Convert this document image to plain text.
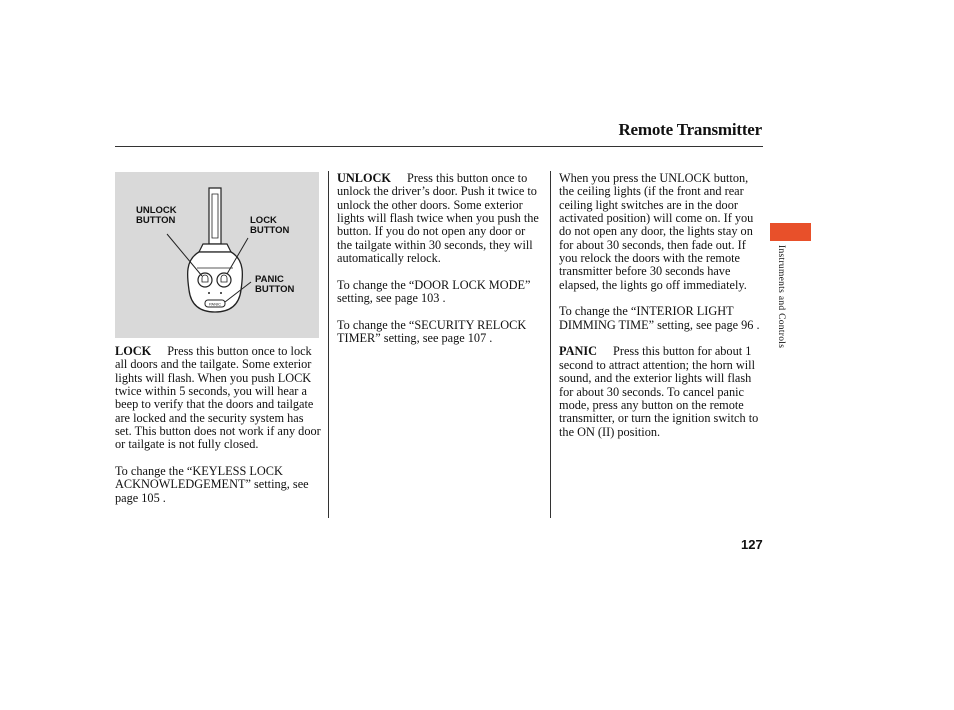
Remote Transmitter
PANIC
UNLOCK
BUTTON	LOCK
BUTTON
PANIC
BUTTON

LOCK Press this button once to lock all doors and the tailgate. Some exterior lights will flash. When you push LOCK twice within 5 seconds, you will hear a beep to verify that the doors and tailgate are locked and the security system has set. This button does not work if any door or tailgate is not fully closed.

To change the “KEYLESS LOCK ACKNOWLEDGEMENT” setting, see page 105 .

UNLOCK Press this button once to unlock the driver’s door. Push it twice to unlock the other doors. Some exterior lights will flash twice when you push the button. If you do not open any door or the tailgate within 30 seconds, they will automatically relock.

To change the “DOOR LOCK MODE” setting, see page 103 .

To change the “SECURITY RELOCK TIMER” setting, see page 107 .

When you press the UNLOCK button, the ceiling lights (if the front and rear ceiling light switches are in the door activated position) will come on. If you do not open any door, the lights stay on for about 30 seconds, then fade out. If you relock the doors with the remote transmitter before 30 seconds have elapsed, the lights go off immediately.

To change the “INTERIOR LIGHT DIMMING TIME” setting, see page 96 .

PANIC Press this button for about 1 second to attract attention; the horn will sound, and the exterior lights will flash for about 30 seconds. To cancel panic mode, press any button on the remote transmitter, or turn the ignition switch to the ON (II) position.

Instruments and Controls
127
